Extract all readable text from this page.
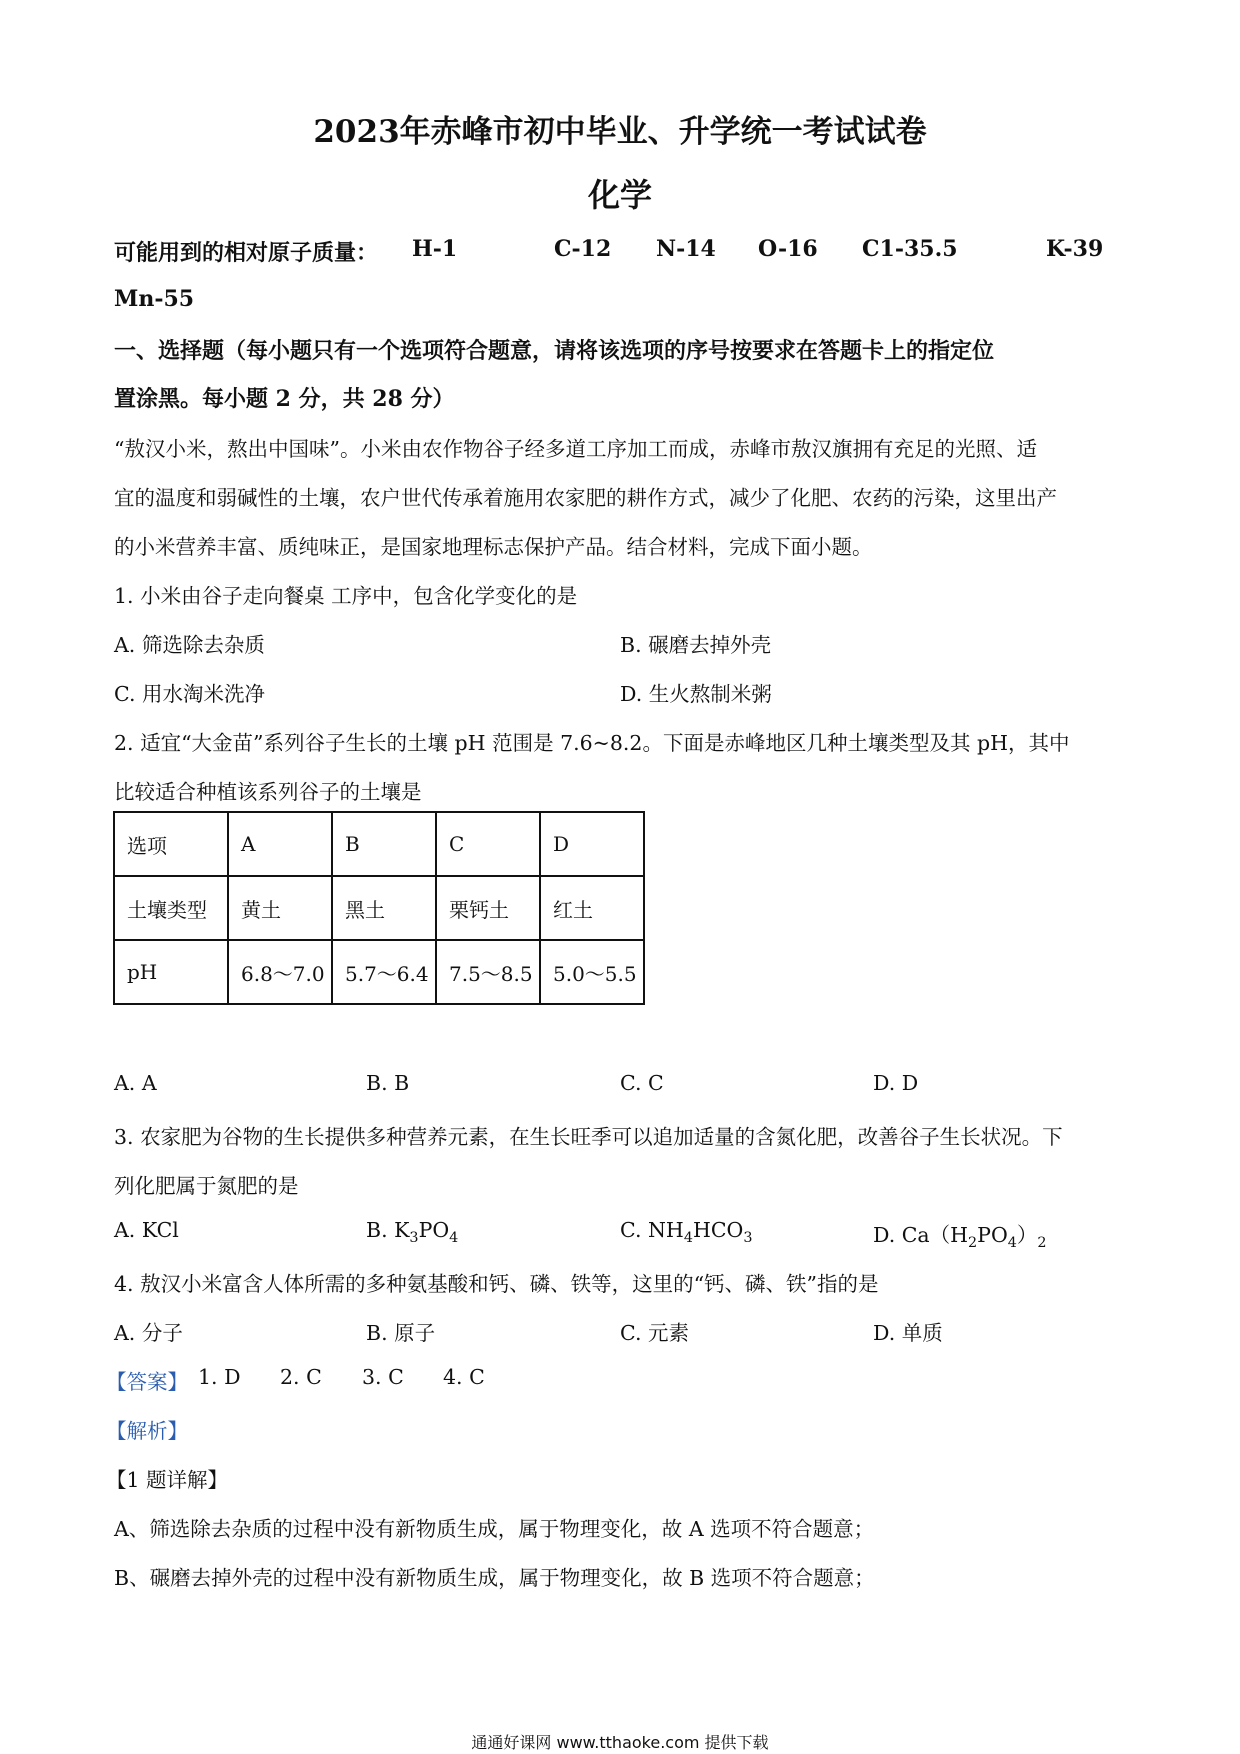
2023年赤峰市初中毕业、升学统一考试试卷
化学
可能用到的相对原子质量： H-1	C-12 N-14 O-16 C1-35.5	K-39
Mn-55
一、选择题（每小题只有一个选项符合题意，请将该选项的序号按要求在答题卡上的指定位
置涂黑。每小题 2 分，共 28 分）
“敖汉小米，熬出中国味”。小米由农作物谷子经多道工序加工而成，赤峰市敖汉旗拥有充足的光照、适
宜的温度和弱碱性的土壤，农户世代传承着施用农家肥的耕作方式，减少了化肥、农药的污染，这里出产
的小米营养丰富、质纯味正，是国家地理标志保护产品。结合材料，完成下面小题。
1. 小米由谷子走向餐桌 工序中，包含化学变化的是
A. 筛选除去杂质	B. 碾磨去掉外壳
C. 用水淘米洗净	D. 生火熬制米粥
2. 适宜“大金苗”系列谷子生长的土壤 pH 范围是 7.6~8.2。下面是赤峰地区几种土壤类型及其 pH，其中
比较适合种植该系列谷子的土壤是
选项	A	B	C	D
土壤类型	黄土	黑土	栗钙土	红土
pH	6.8～7.0	5.7～6.4	7.5～8.5	5.0～5.5
A. A	B. B	C. C	D. D
3. 农家肥为谷物的生长提供多种营养元素，在生长旺季可以追加适量的含氮化肥，改善谷子生长状况。下
列化肥属于氮肥的是
A. KCl	B. $K_3PO_4$	C. $NH_4HCO_3$	D. $Ca(H_2PO_4)_2$
4. 敖汉小米富含人体所需的多种氨基酸和钙、磷、铁等，这里的“钙、磷、铁”指的是
A. 分子	B. 原子	C. 元素	D. 单质
【答案】 1. D 2. C 3. C 4. C
【解析】
【1 题详解】
A、筛选除去杂质的过程中没有新物质生成，属于物理变化，故 A 选项不符合题意；
B、碾磨去掉外壳的过程中没有新物质生成，属于物理变化，故 B 选项不符合题意；
通通好课网 www.tthaoke.com 提供下载
